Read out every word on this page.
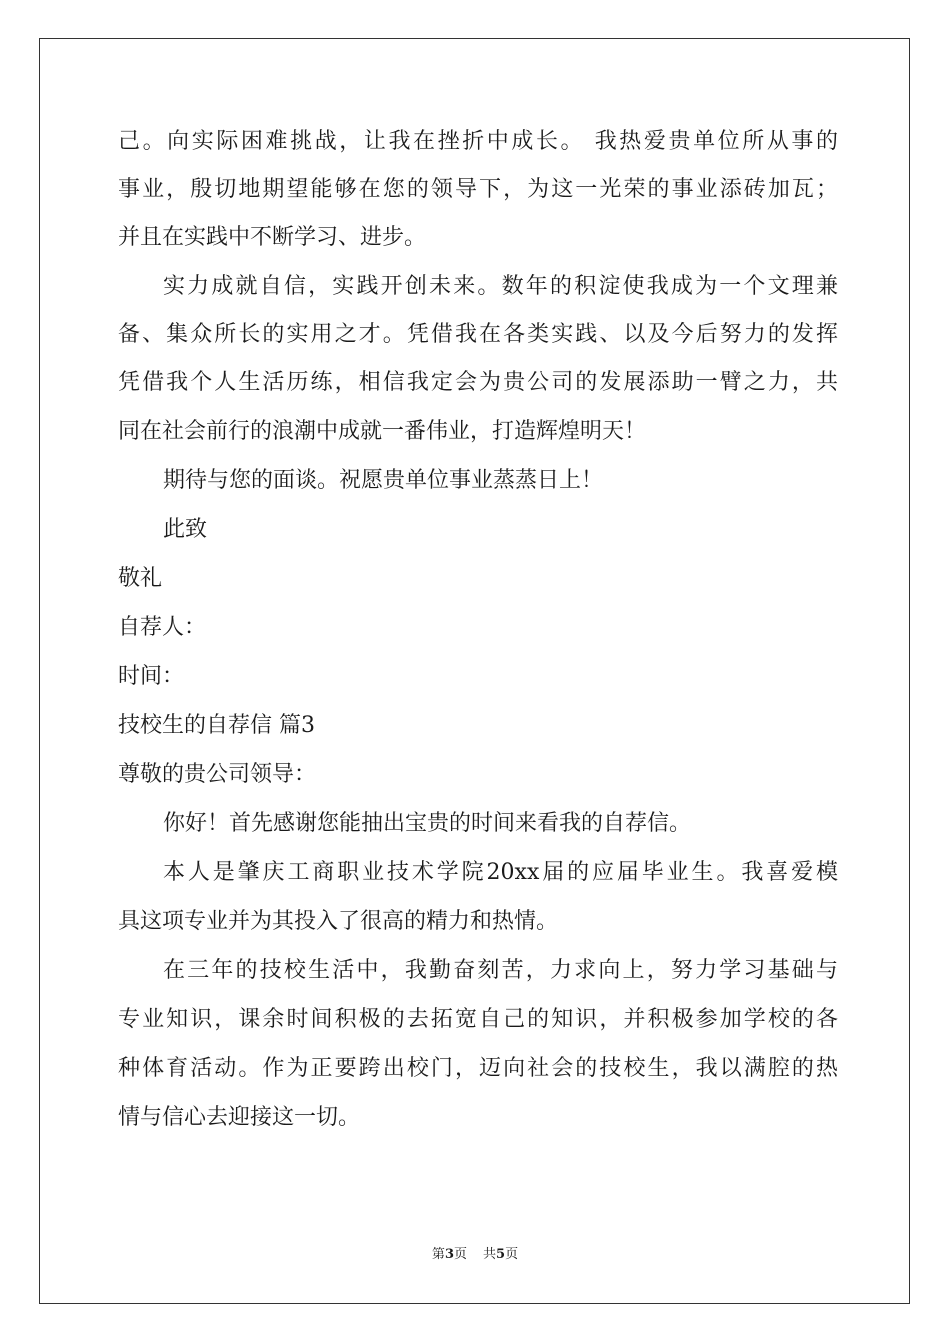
己。向实际困难挑战，让我在挫折中成长。 我热爱贵单位所从事的
事业，殷切地期望能够在您的领导下，为这一光荣的事业添砖加瓦；
并且在实践中不断学习、进步。
实力成就自信，实践开创未来。数年的积淀使我成为一个文理兼
备、集众所长的实用之才。凭借我在各类实践、以及今后努力的发挥
凭借我个人生活历练，相信我定会为贵公司的发展添助一臂之力，共
同在社会前行的浪潮中成就一番伟业，打造辉煌明天！
期待与您的面谈。祝愿贵单位事业蒸蒸日上！
此致
敬礼
自荐人：
时间：
技校生的自荐信 篇3
尊敬的贵公司领导：
你好！首先感谢您能抽出宝贵的时间来看我的自荐信。
本人是肇庆工商职业技术学院20xx届的应届毕业生。我喜爱模
具这项专业并为其投入了很高的精力和热情。
在三年的技校生活中，我勤奋刻苦，力求向上，努力学习基础与
专业知识，课余时间积极的去拓宽自己的知识，并积极参加学校的各
种体育活动。作为正要跨出校门，迈向社会的技校生，我以满腔的热
情与信心去迎接这一切。
第3页 共5页
